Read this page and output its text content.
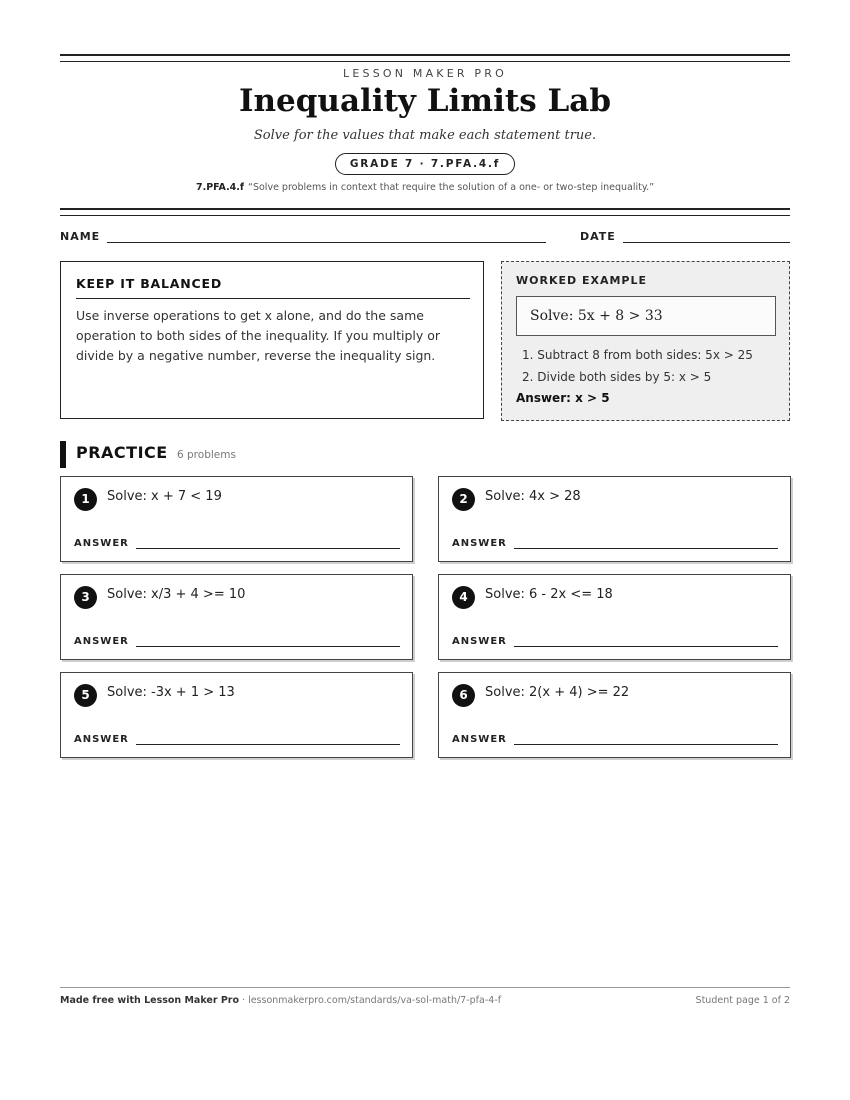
LESSON MAKER PRO
Inequality Limits Lab
Solve for the values that make each statement true.
GRADE 7 · 7.PFA.4.f
7.PFA.4.f “Solve problems in context that require the solution of a one- or two-step inequality.”
NAME	DATE
KEEP IT BALANCED
Use inverse operations to get x alone, and do the same operation to both sides of the inequality. If you multiply or divide by a negative number, reverse the inequality sign.
WORKED EXAMPLE
Solve: 5x + 8 > 33
1. Subtract 8 from both sides: 5x > 25
2. Divide both sides by 5: x > 5
Answer: x > 5
PRACTICE 6 problems
1	Solve: x + 7 < 19
ANSWER
2	Solve: 4x > 28
ANSWER
3	Solve: x/3 + 4 >= 10
ANSWER
4	Solve: 6 - 2x <= 18
ANSWER
5	Solve: -3x + 1 > 13
ANSWER
6	Solve: 2(x + 4) >= 22
ANSWER
Made free with Lesson Maker Pro · lessonmakerpro.com/standards/va-sol-math/7-pfa-4-f	Student page 1 of 2
